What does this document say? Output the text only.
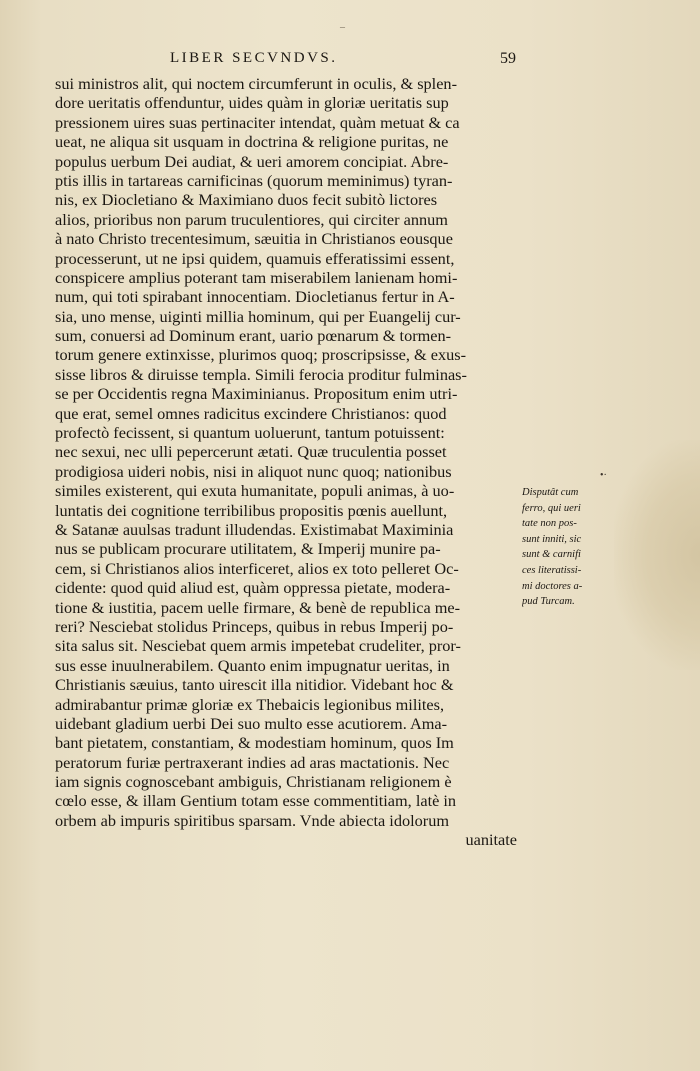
–
LIBER SECVNDVS.	59
sui ministros alit, qui noctem circumferunt in oculis, & splen-
dore ueritatis offenduntur, uides quàm in gloriæ ueritatis sup
pressionem uires suas pertinaciter intendat, quàm metuat & ca
ueat, ne aliqua sit usquam in doctrina & religione puritas, ne
populus uerbum Dei audiat, & ueri amorem concipiat. Abre-
ptis illis in tartareas carnificinas (quorum meminimus) tyran-
nis, ex Diocletiano & Maximiano duos fecit subitò lictores
alios, prioribus non parum truculentiores, qui circiter annum
à nato Christo trecentesimum, sæuitia in Christianos eousque
processerunt, ut ne ipsi quidem, quamuis efferatissimi essent,
conspicere amplius poterant tam miserabilem lanienam homi-
num, qui toti spirabant innocentiam. Diocletianus fertur in A-
sia, uno mense, uiginti millia hominum, qui per Euangelij cur-
sum, conuersi ad Dominum erant, uario pœnarum & tormen-
torum genere extinxisse, plurimos quoq; proscripsisse, & exus-
sisse libros & diruisse templa. Simili ferocia proditur fulminas-
se per Occidentis regna Maximinianus. Propositum enim utri-
que erat, semel omnes radicitus excindere Christianos: quod
profectò fecissent, si quantum uoluerunt, tantum potuissent:
nec sexui, nec ulli pepercerunt ætati. Quæ truculentia posset
prodigiosa uideri nobis, nisi in aliquot nunc quoq; nationibus
similes existerent, qui exuta humanitate, populi animas, à uo-
luntatis dei cognitione terribilibus propositis pœnis auellunt,
& Satanæ auulsas tradunt illudendas. Existimabat Maximinia
nus se publicam procurare utilitatem, & Imperij munire pa-
cem, si Christianos alios interficeret, alios ex toto pelleret Oc-
cidente: quod quid aliud est, quàm oppressa pietate, modera-
tione & iustitia, pacem uelle firmare, & benè de republica me-
reri? Nesciebat stolidus Princeps, quibus in rebus Imperij po-
sita salus sit. Nesciebat quem armis impetebat crudeliter, pror-
sus esse inuulnerabilem. Quanto enim impugnatur ueritas, in
Christianis sæuius, tanto uirescit illa nitidior. Videbant hoc &
admirabantur primæ gloriæ ex Thebaicis legionibus milites,
uidebant gladium uerbi Dei suo multo esse acutiorem. Ama-
bant pietatem, constantiam, & modestiam hominum, quos Im
peratorum furiæ pertraxerant indies ad aras mactationis. Nec
iam signis cognoscebant ambiguis, Christianam religionem è
cœlo esse, & illam Gentium totam esse commentitiam, latè in
orbem ab impuris spiritibus sparsam. Vnde abiecta idolorum
uanitate
•·
Disputât cum
ferro, qui ueri
tate non pos-
sunt inniti, sic
sunt & carnifi
ces literatissi-
mi doctores a-
pud Turcam.
